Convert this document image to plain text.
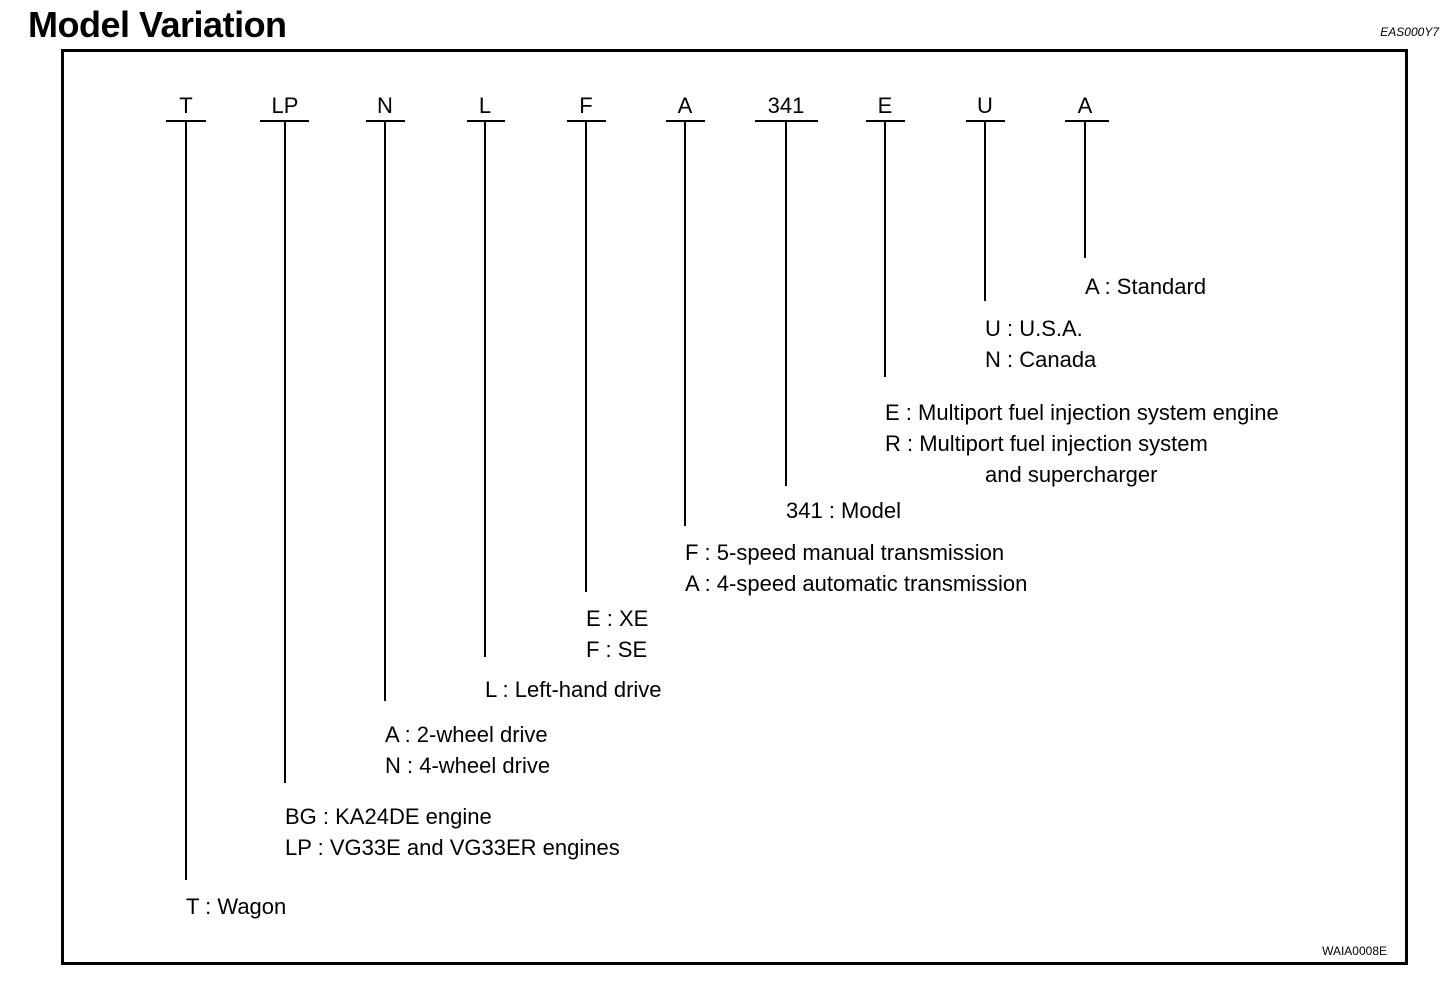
Model Variation	EAS000Y7
WAIA0008E
T	LP	N	L	F	A	341	E	U	A
T : Wagon
BG : KA24DE engine
LP : VG33E and VG33ER engines
A : 2-wheel drive
N : 4-wheel drive
L : Left-hand drive
E : XE
F : SE
F : 5-speed manual transmission
A : 4-speed automatic transmission
341 : Model
E : Multiport fuel injection system engine
R : Multiport fuel injection system
and supercharger
U : U.S.A.
N : Canada
A : Standard
